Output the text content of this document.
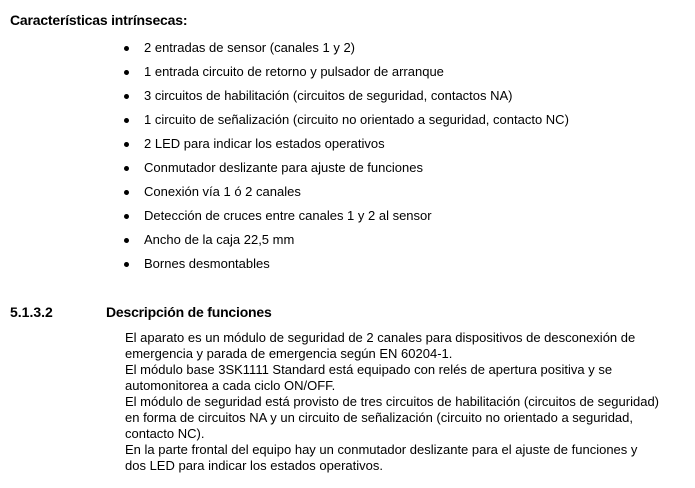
Características intrínsecas:
2 entradas de sensor (canales 1 y 2)
1 entrada circuito de retorno y pulsador de arranque
3 circuitos de habilitación (circuitos de seguridad, contactos NA)
1 circuito de señalización (circuito no orientado a seguridad, contacto NC)
2 LED para indicar los estados operativos
Conmutador deslizante para ajuste de funciones
Conexión vía 1 ó 2 canales
Detección de cruces entre canales 1 y 2 al sensor
Ancho de la caja 22,5 mm
Bornes desmontables
5.1.3.2	Descripción de funciones

El aparato es un módulo de seguridad de 2 canales para dispositivos de desconexión de

emergencia y parada de emergencia según EN 60204-1.

El módulo base 3SK1111 Standard está equipado con relés de apertura positiva y se

automonitorea a cada ciclo ON/OFF.

El módulo de seguridad está provisto de tres circuitos de habilitación (circuitos de seguridad)

en forma de circuitos NA y un circuito de señalización (circuito no orientado a seguridad,

contacto NC).

En la parte frontal del equipo hay un conmutador deslizante para el ajuste de funciones y

dos LED para indicar los estados operativos.
